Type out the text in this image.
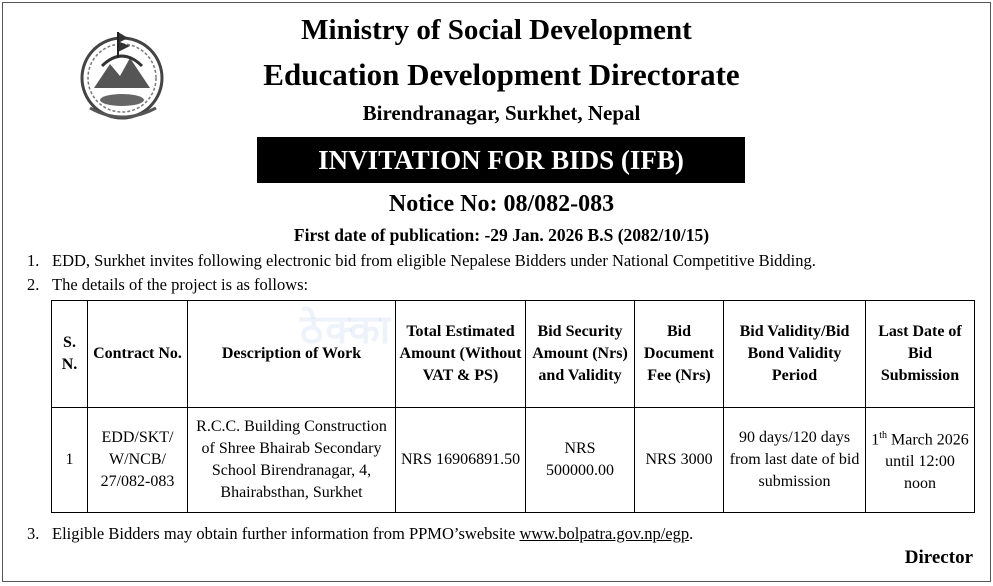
Ministry of Social Development
Education Development Directorate
Birendranagar, Surkhet, Nepal
INVITATION FOR BIDS (IFB)
Notice No: 08/082-083
First date of publication: -29 Jan. 2026 B.S (2082/10/15)
1. EDD, Surkhet invites following electronic bid from eligible Nepalese Bidders under National Competitive Bidding.
2. The details of the project is as follows:
ठेक्का
S. N.	Contract No.	Description of Work	Total Estimated Amount (Without VAT & PS)	Bid Security Amount (Nrs) and Validity	Bid Document Fee (Nrs)	Bid Validity/Bid Bond Validity Period	Last Date of Bid Submission
1	EDD/SKT/ W/NCB/ 27/082-083	R.C.C. Building Construction of Shree Bhairab Secondary School Birendranagar, 4, Bhairabsthan, Surkhet	NRS 16906891.50	NRS 500000.00	NRS 3000	90 days/120 days from last date of bid submission	1th March 2026 until 12:00 noon
3. Eligible Bidders may obtain further information from PPMO’swebsite www.bolpatra.gov.np/egp.
Director
